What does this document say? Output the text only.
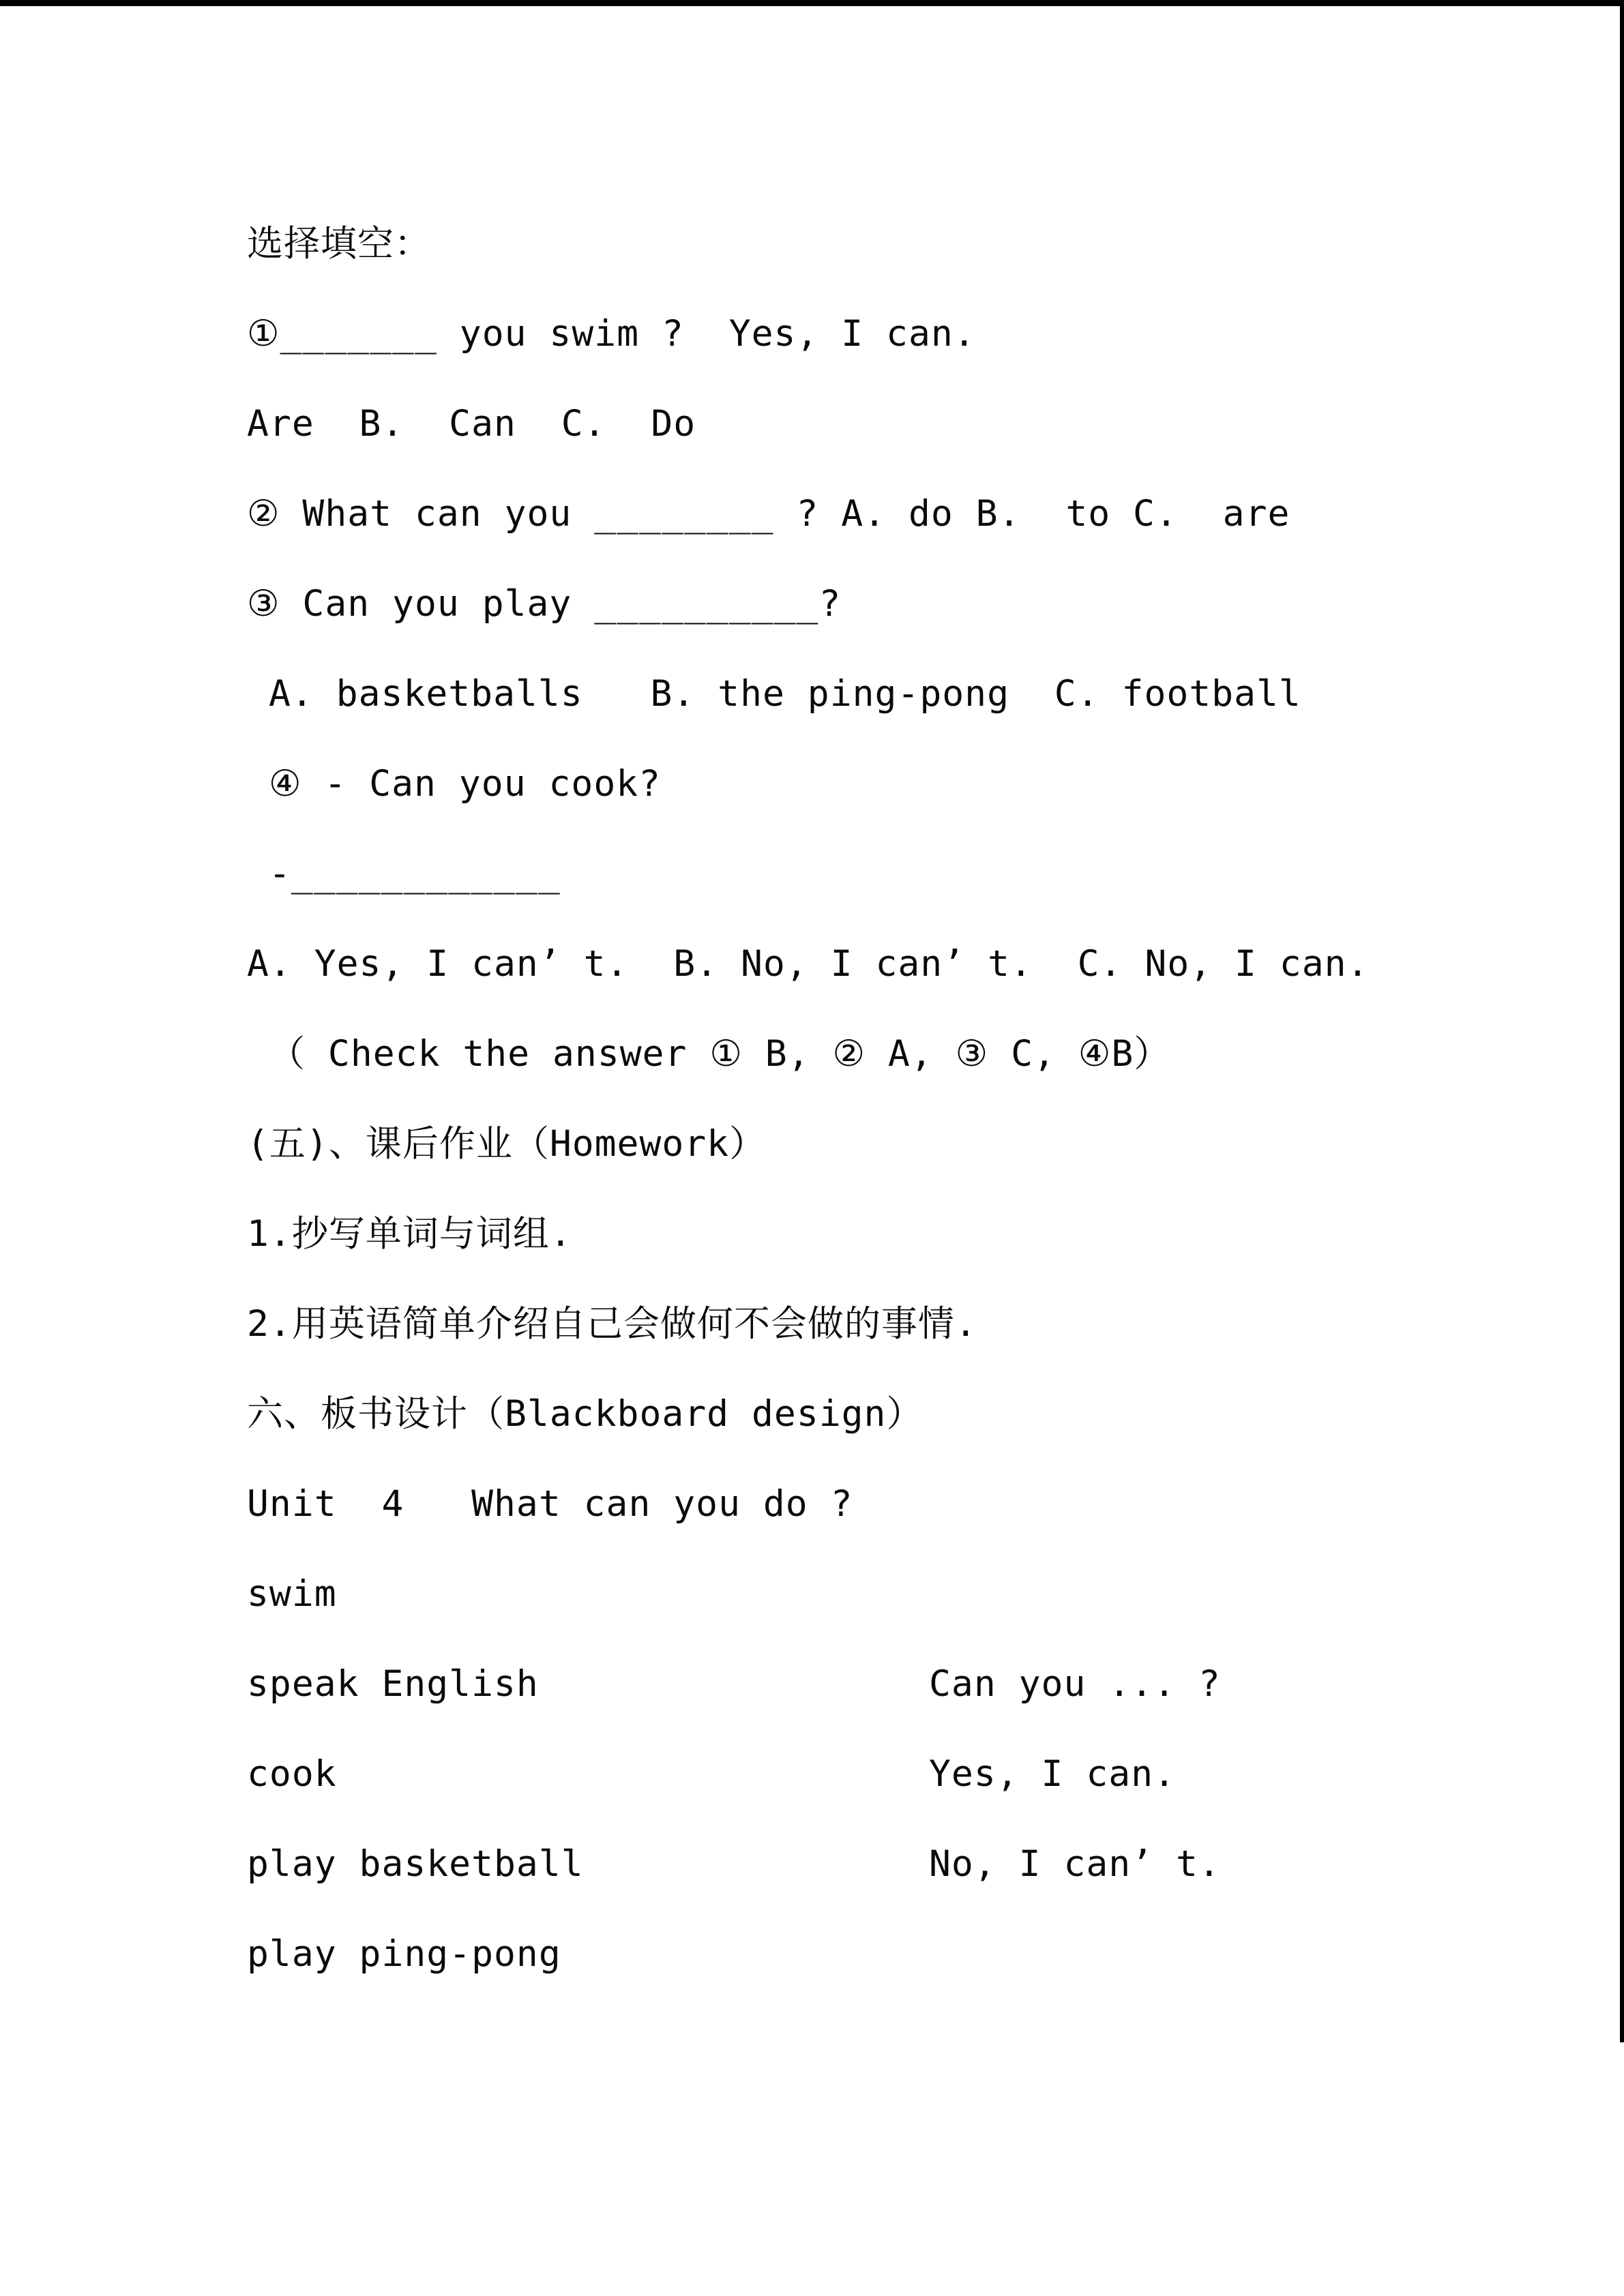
选择填空：
①_______ you swim ?  Yes, I can.
Are  B.  Can  C.  Do
② What can you ________ ? A. do B.  to C.  are
③ Can you play __________?
A. basketballs   B. the ping-pong  C. football
④ - Can you cook?
-____________
A. Yes, I can’ t.  B. No, I can’ t.  C. No, I can.
（ Check the answer ① B, ② A, ③ C, ④B）
(五)、课后作业（Homework）
1.抄写单词与词组.
2.用英语简单介绍自己会做何不会做的事情.
六、板书设计（Blackboard design）
Unit  4   What can you do ?
swim
speak English	Can you ... ?
cook	Yes, I can.
play basketball	No, I can’ t.
play ping-pong
